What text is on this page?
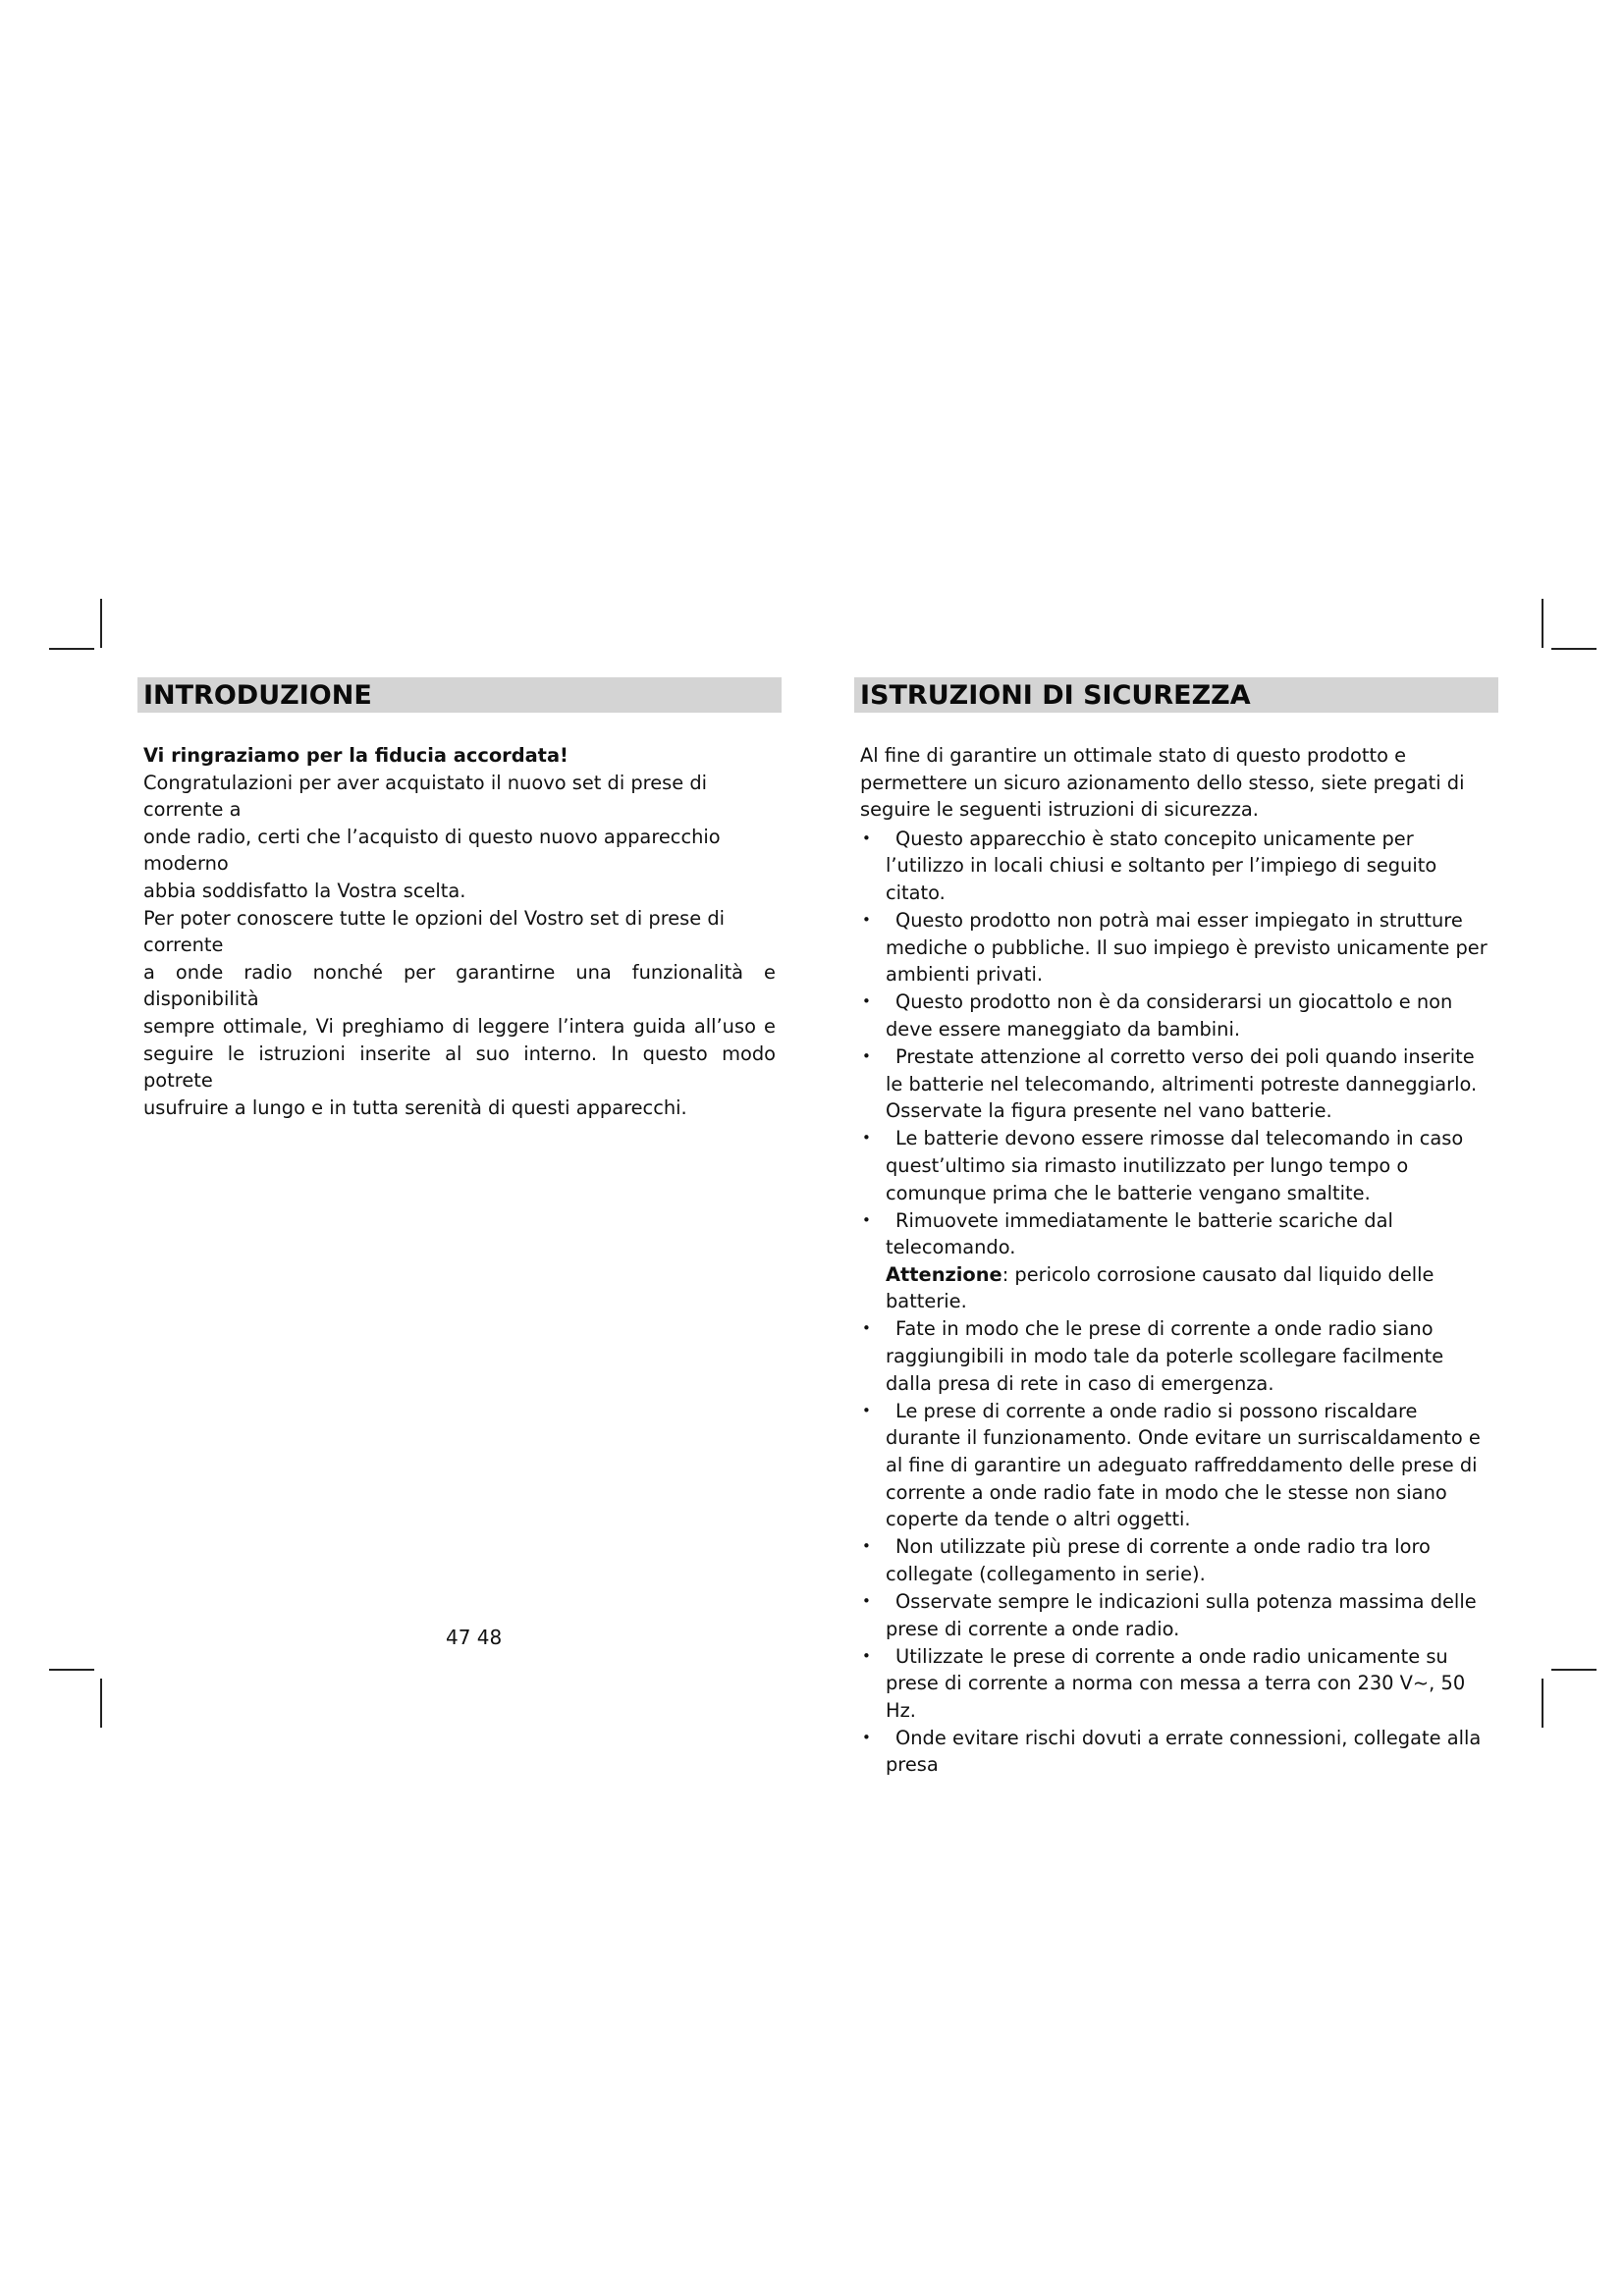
INTRODUZIONE
Vi ringraziamo per la fiducia accordata!
Congratulazioni per aver acquistato il nuovo set di prese di corrente a
onde radio, certi che l’acquisto di questo nuovo apparecchio moderno
abbia soddisfatto la Vostra scelta.
Per poter conoscere tutte le opzioni del Vostro set di prese di corrente
a onde radio nonché per garantirne una funzionalità e disponibilità
sempre ottimale, Vi preghiamo di leggere l’intera guida all’uso e
seguire le istruzioni inserite al suo interno. In questo modo potrete
usufruire a lungo e in tutta serenità di questi apparecchi.
ISTRUZIONI DI SICUREZZA

Al fine di garantire un ottimale stato di questo prodotto e permettere un sicuro azionamento dello stesso, siete pregati di seguire le seguenti istruzioni di sicurezza.

• Questo apparecchio è stato concepito unicamente per l’utilizzo in locali chiusi e soltanto per l’impiego di seguito citato.
• Questo prodotto non potrà mai esser impiegato in strutture mediche o pubbliche. Il suo impiego è previsto unicamente per ambienti privati.
• Questo prodotto non è da considerarsi un giocattolo e non deve essere maneggiato da bambini.
• Prestate attenzione al corretto verso dei poli quando inserite le batterie nel telecomando, altrimenti potreste danneggiarlo. Osservate la figura presente nel vano batterie.
• Le batterie devono essere rimosse dal telecomando in caso quest’ultimo sia rimasto inutilizzato per lungo tempo o comunque prima che le batterie vengano smaltite.
• Rimuovete immediatamente le batterie scariche dal telecomando.
Attenzione: pericolo corrosione causato dal liquido delle batterie.
• Fate in modo che le prese di corrente a onde radio siano raggiungibili in modo tale da poterle scollegare facilmente dalla presa di rete in caso di emergenza.
• Le prese di corrente a onde radio si possono riscaldare durante il funzionamento. Onde evitare un surriscaldamento e al fine di garantire un adeguato raffreddamento delle prese di corrente a onde radio fate in modo che le stesse non siano coperte da tende o altri oggetti.
• Non utilizzate più prese di corrente a onde radio tra loro collegate (collegamento in serie).
• Osservate sempre le indicazioni sulla potenza massima delle prese di corrente a onde radio.
• Utilizzate le prese di corrente a onde radio unicamente su prese di corrente a norma con messa a terra con 230 V~, 50 Hz.
• Onde evitare rischi dovuti a errate connessioni, collegate alla presa
47 48
